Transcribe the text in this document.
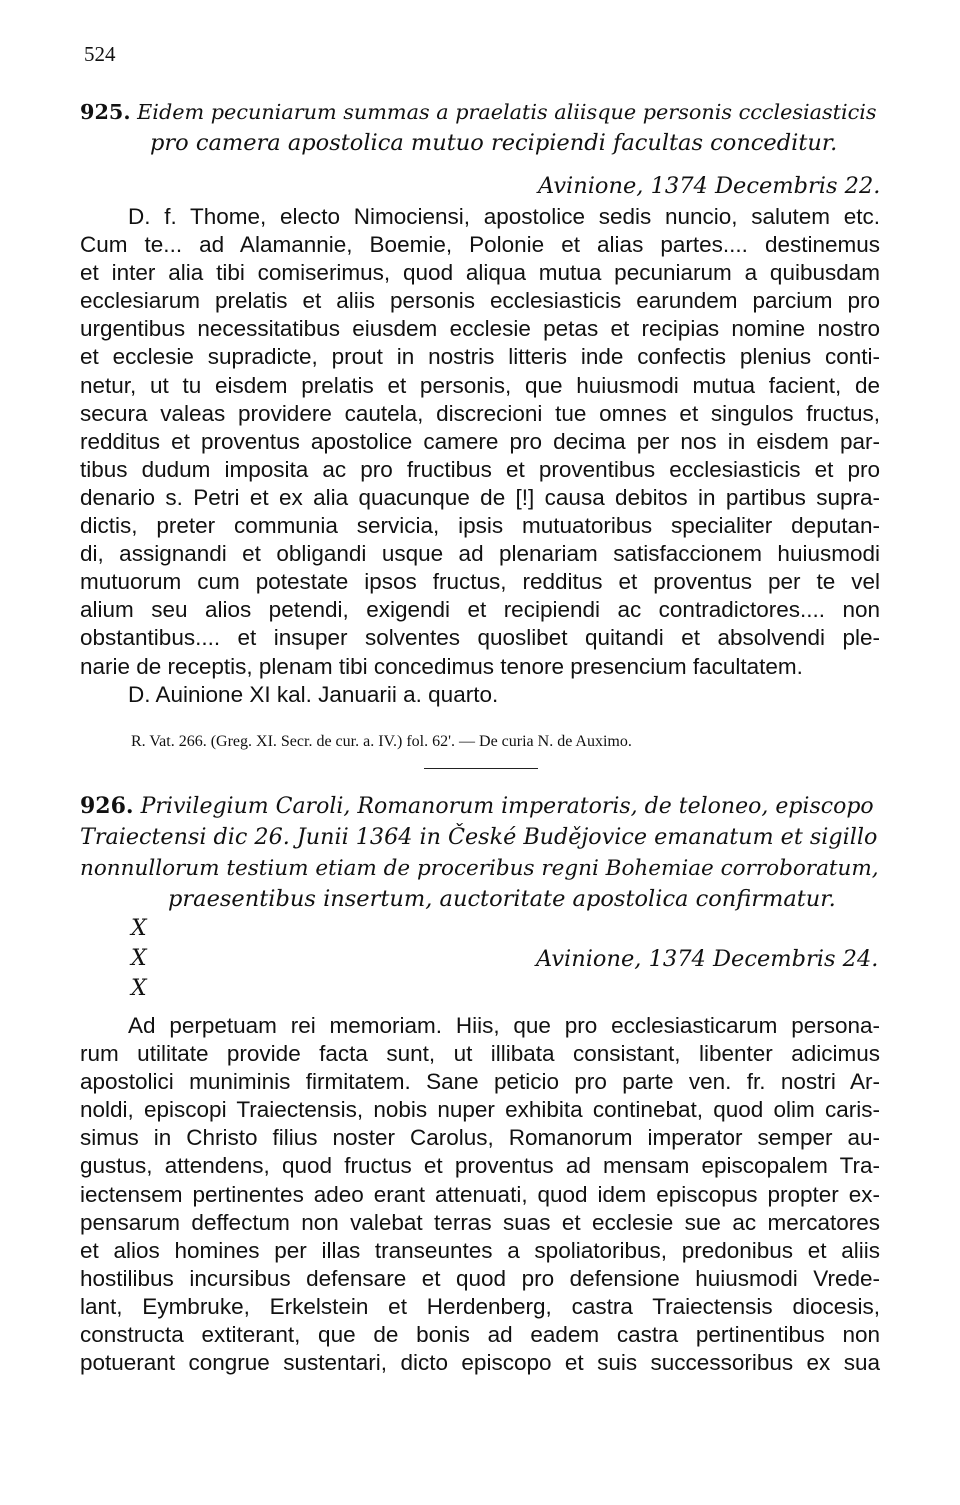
524
925. Eidem pecuniarum summas a praelatis aliisque personis ccclesiasticis
pro camera apostolica mutuo recipiendi facultas conceditur.
Avinione, 1374 Decembris 22.
D. f. Thome, electo Nimociensi, apostolice sedis nuncio, salutem etc.
Cum te... ad Alamannie, Boemie, Polonie et alias partes.... destinemus
et inter alia tibi comiserimus, quod aliqua mutua pecuniarum a quibusdam
ecclesiarum prelatis et aliis personis ecclesiasticis earundem parcium pro
urgentibus necessitatibus eiusdem ecclesie petas et recipias nomine nostro
et ecclesie supradicte, prout in nostris litteris inde confectis plenius conti-
netur, ut tu eisdem prelatis et personis, que huiusmodi mutua facient, de
secura valeas providere cautela, discrecioni tue omnes et singulos fructus,
redditus et proventus apostolice camere pro decima per nos in eisdem par-
tibus dudum imposita ac pro fructibus et proventibus ecclesiasticis et pro
denario s. Petri et ex alia quacunque de [!] causa debitos in partibus supra-
dictis, preter communia servicia, ipsis mutuatoribus specialiter deputan-
di, assignandi et obligandi usque ad plenariam satisfaccionem huiusmodi
mutuorum cum potestate ipsos fructus, redditus et proventus per te vel
alium seu alios petendi, exigendi et recipiendi ac contradictores.... non
obstantibus.... et insuper solventes quoslibet quitandi et absolvendi ple-
narie de receptis, plenam tibi concedimus tenore presencium facultatem.
D. Auinione XI kal. Januarii a. quarto.
R. Vat. 266. (Greg. XI. Secr. de cur. a. IV.) fol. 62'. — De curia N. de Auximo.
926. Privilegium Caroli, Romanorum imperatoris, de teloneo, episcopo
Traiectensi dic 26. Junii 1364 in České Budějovice emanatum et sigillo
nonnullorum testium etiam de proceribus regni Bohemiae corroboratum,
praesentibus insertum, auctoritate apostolica confirmatur.
X
X
X
Avinione, 1374 Decembris 24.
Ad perpetuam rei memoriam. Hiis, que pro ecclesiasticarum persona-
rum utilitate provide facta sunt, ut illibata consistant, libenter adicimus
apostolici muniminis firmitatem. Sane peticio pro parte ven. fr. nostri Ar-
noldi, episcopi Traiectensis, nobis nuper exhibita continebat, quod olim caris-
simus in Christo filius noster Carolus, Romanorum imperator semper au-
gustus, attendens, quod fructus et proventus ad mensam episcopalem Tra-
iectensem pertinentes adeo erant attenuati, quod idem episcopus propter ex-
pensarum deffectum non valebat terras suas et ecclesie sue ac mercatores
et alios homines per illas transeuntes a spoliatoribus, predonibus et aliis
hostilibus incursibus defensare et quod pro defensione huiusmodi Vrede-
lant, Eymbruke, Erkelstein et Herdenberg, castra Traiectensis diocesis,
constructa extiterant, que de bonis ad eadem castra pertinentibus non
potuerant congrue sustentari, dicto episcopo et suis successoribus ex sua
